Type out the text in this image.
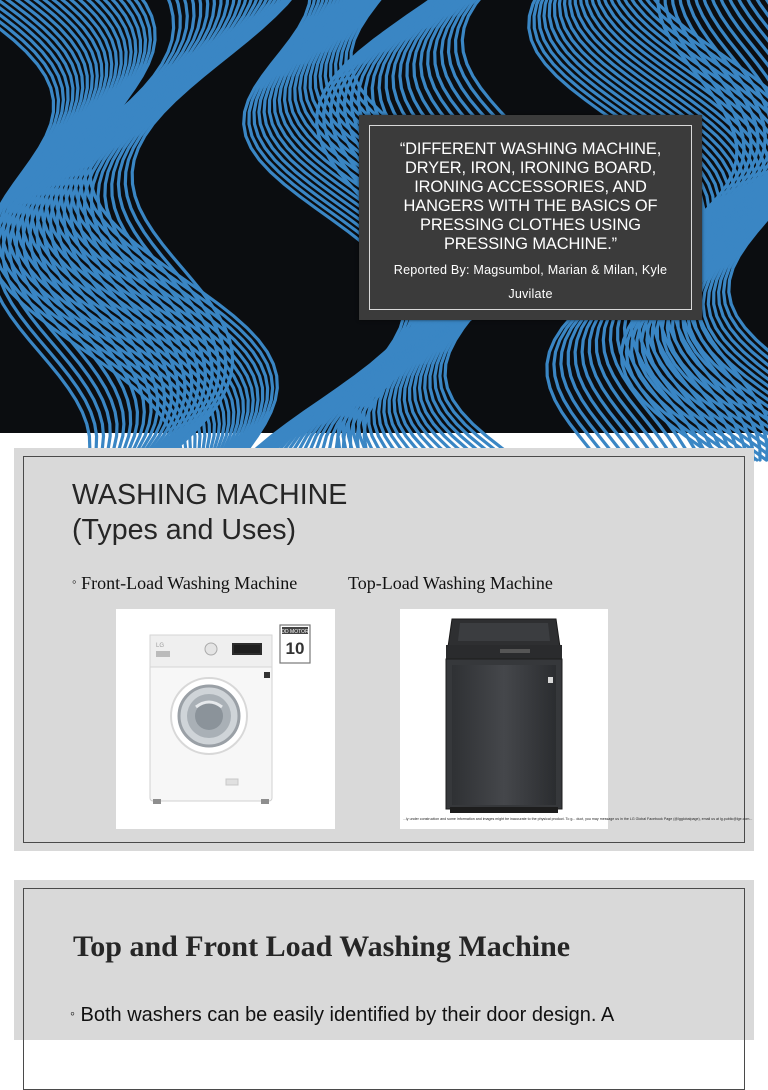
“DIFFERENT WASHING MACHINE, DRYER, IRON, IRONING BOARD, IRONING ACCESSORIES, AND HANGERS WITH THE BASICS OF PRESSING CLOTHES USING PRESSING MACHINE.”
Reported By: Magsumbol, Marian & Milan, Kyle Juvilate
WASHING MACHINE
(Types and Uses)
◦ Front-Load Washing Machine	Top-Load Washing Machine
LG
DD MOTOR
10
...ly under construction and some information and images might be inaccurate to the physical product. To g... duct, you may message us in the LG Global Facebook Page (@lgglobalpage), email us at lg.public@lge.com...
Top and Front Load Washing Machine
◦ Both washers can be easily identified by their door design. A
